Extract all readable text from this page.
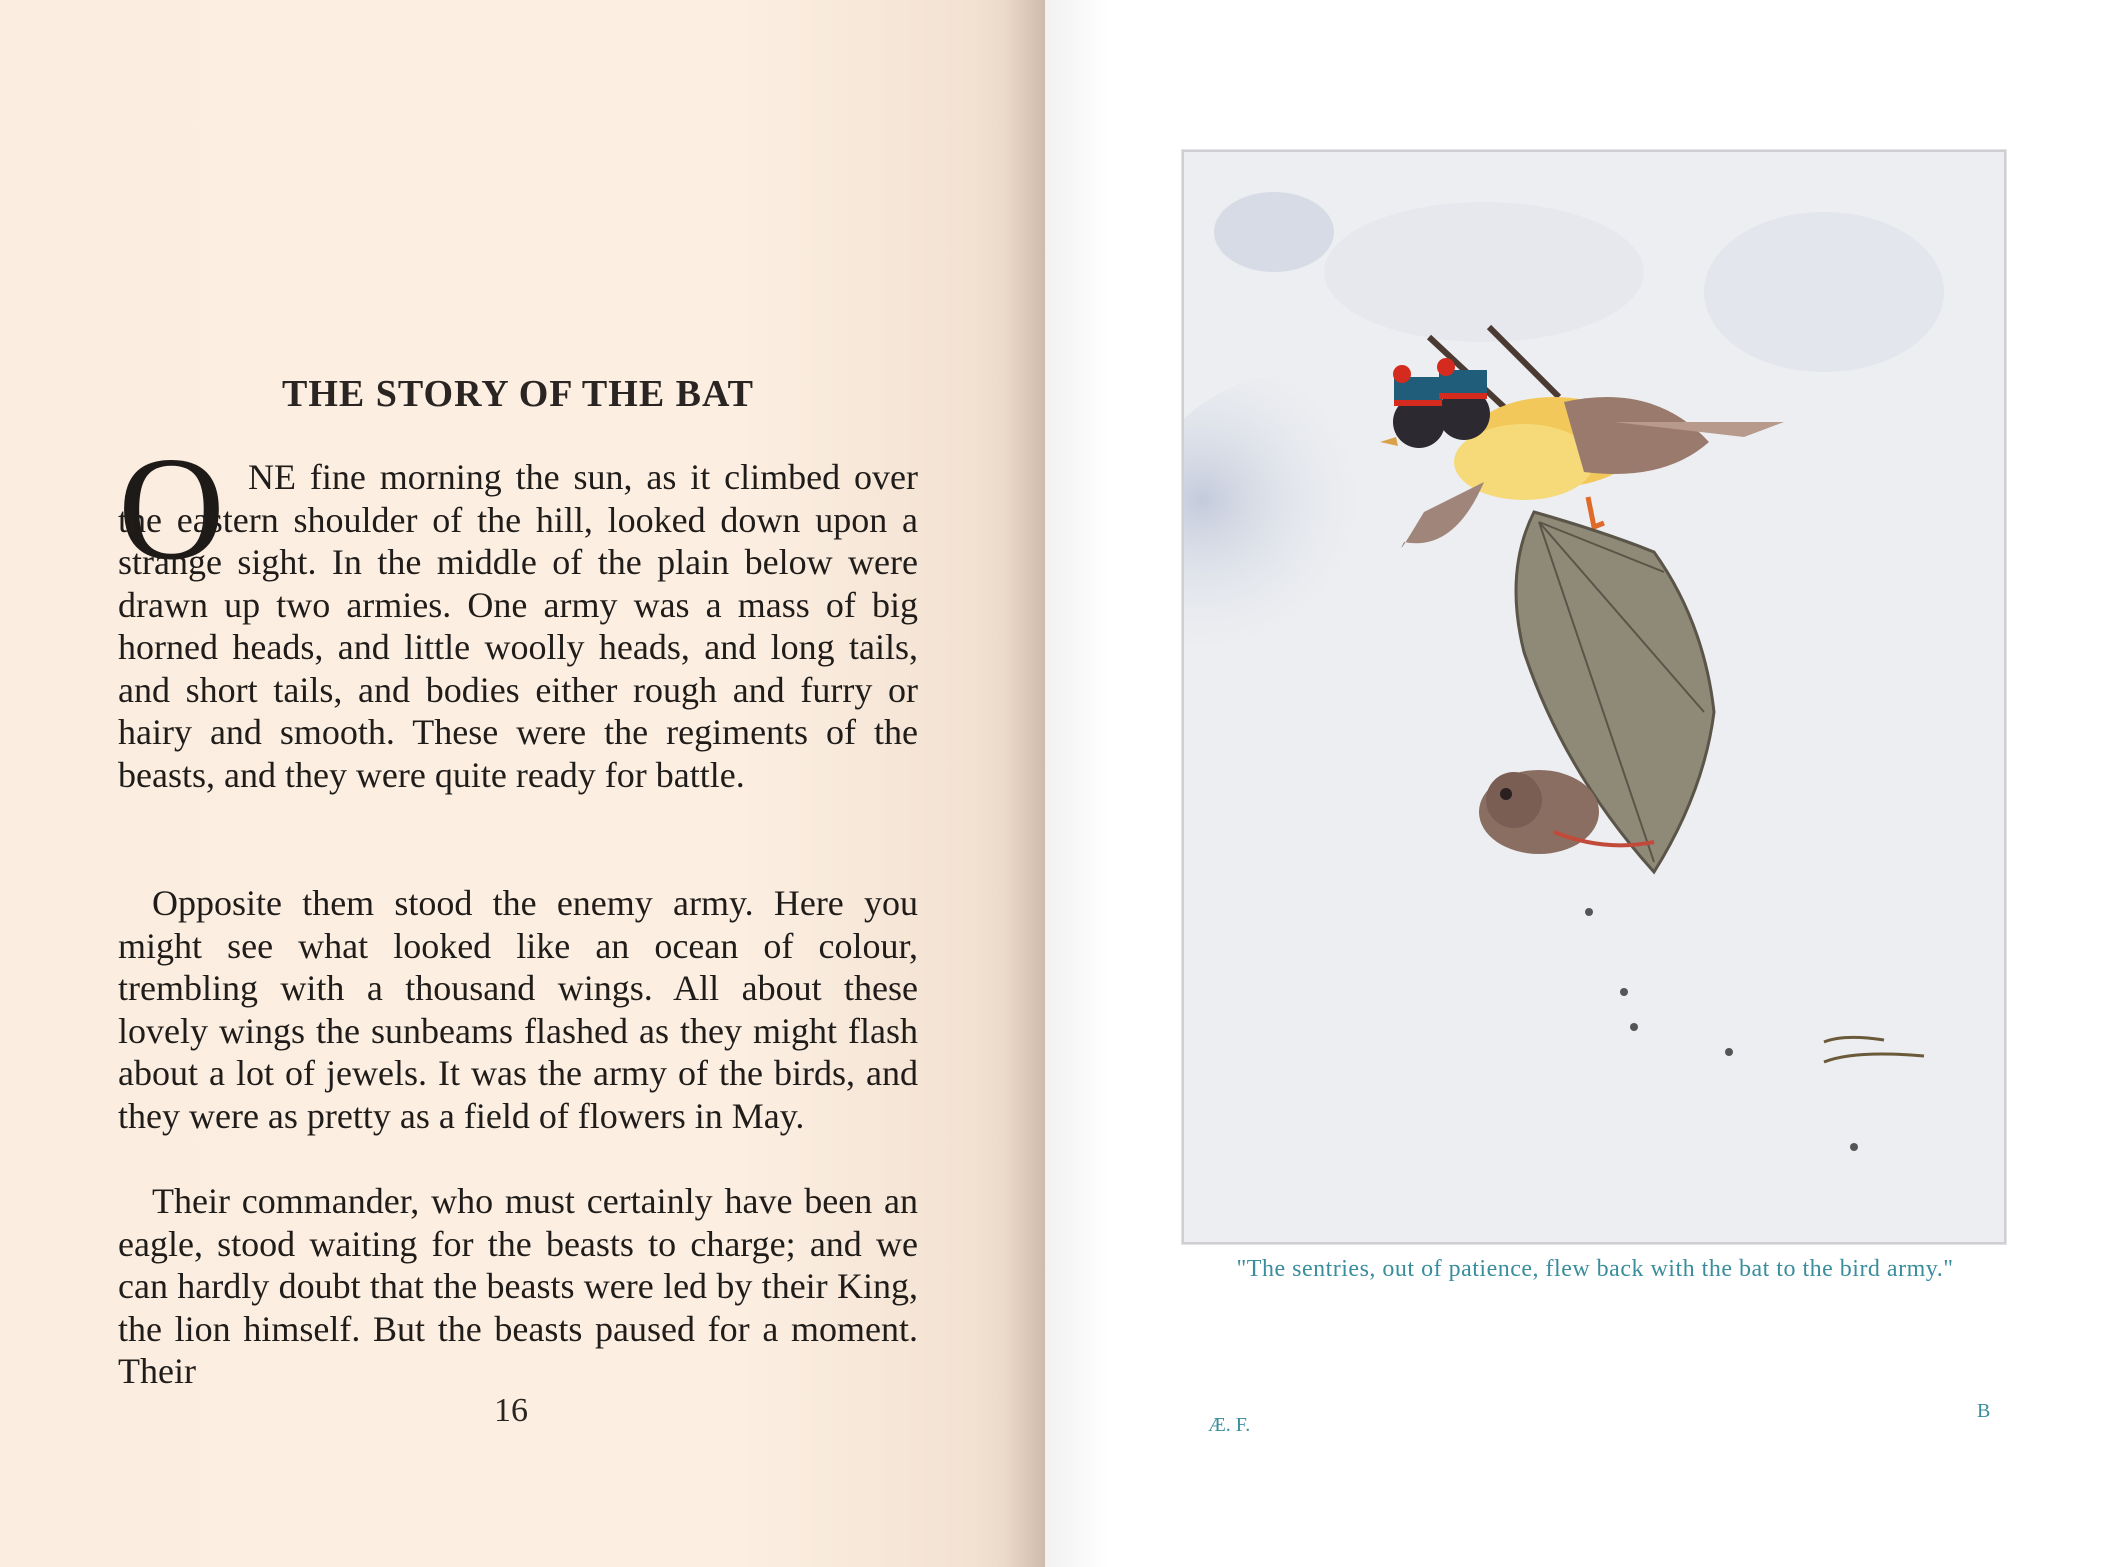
THE STORY OF THE BAT
O NE fine morning the sun, as it climbed over the eastern shoulder of the hill, looked down upon a strange sight. In the middle of the plain below were drawn up two armies. One army was a mass of big horned heads, and little woolly heads, and long tails, and short tails, and bodies either rough and furry or hairy and smooth. These were the regiments of the beasts, and they were quite ready for battle.

Opposite them stood the enemy army. Here you might see what looked like an ocean of colour, trembling with a thousand wings. All about these lovely wings the sunbeams flashed as they might flash about a lot of jewels. It was the army of the birds, and they were as pretty as a field of flowers in May.

Their commander, who must certainly have been an eagle, stood waiting for the beasts to charge; and we can hardly doubt that the beasts were led by their King, the lion himself. But the beasts paused for a moment. Their

16

"The sentries, out of patience, flew back with the bat to the bird army."

Æ. F.
B
